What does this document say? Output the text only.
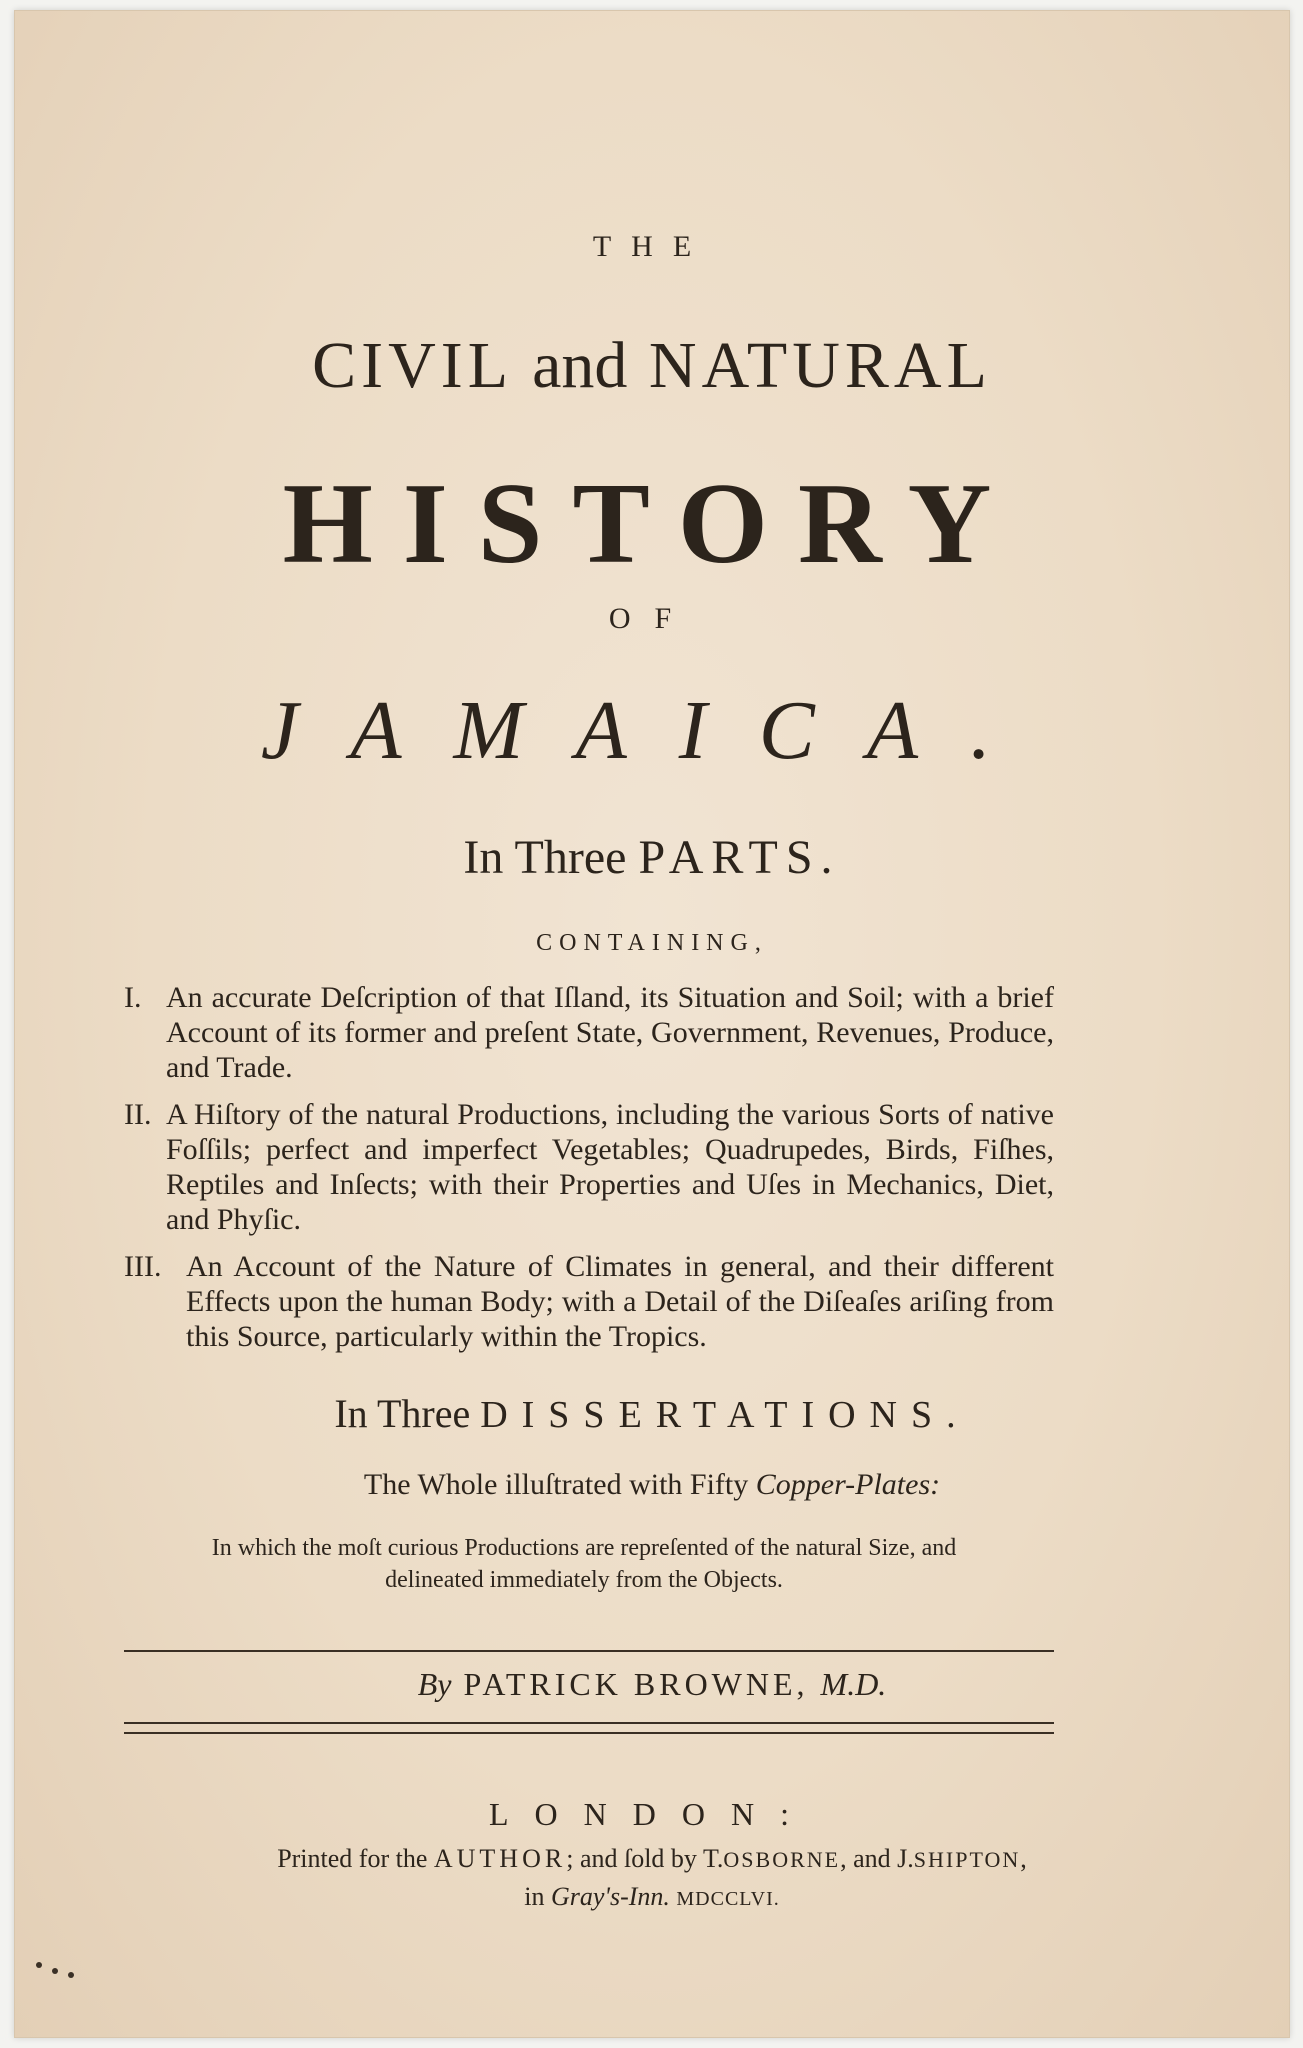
THE
CIVIL and NATURAL
HISTORY
OF
JAMAICA.
In Three PARTS.
CONTAINING,
I. An accurate Deſcription of that Iſland, its Situation and Soil; with a brief Account of its former and preſent State, Government, Revenues, Produce, and Trade.
II. A Hiſtory of the natural Productions, including the various Sorts of native Foſſils; perfect and imperfect Vegetables; Quadrupedes, Birds, Fiſhes, Reptiles and Inſects; with their Properties and Uſes in Mechanics, Diet, and Phyſic.
III. An Account of the Nature of Climates in general, and their different Effects upon the human Body; with a Detail of the Diſeaſes ariſing from this Source, particularly within the Tropics.
In Three DISSERTATIONS.
The Whole illuſtrated with Fifty Copper-Plates:
In which the moſt curious Productions are repreſented of the natural Size, and
delineated immediately from the Objects.
By PATRICK BROWNE, M.D.
LONDON:
Printed for the AUTHOR; and ſold by T.OSBORNE, and J.SHIPTON,
in Gray's-Inn. MDCCLVI.
